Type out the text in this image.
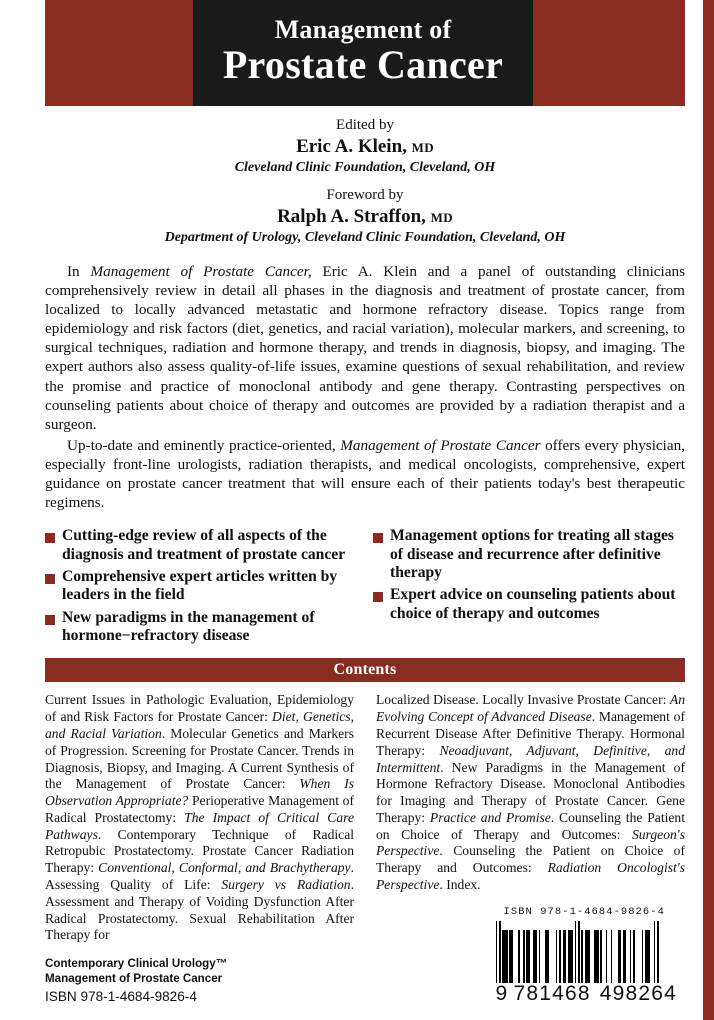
Management of
Prostate Cancer
Edited by
Eric A. Klein, MD
Cleveland Clinic Foundation, Cleveland, OH
Foreword by
Ralph A. Straffon, MD
Department of Urology, Cleveland Clinic Foundation, Cleveland, OH

In Management of Prostate Cancer, Eric A. Klein and a panel of outstanding clinicians comprehensively review in detail all phases in the diagnosis and treatment of prostate cancer, from localized to locally advanced metastatic and hormone refractory disease. Topics range from epidemiology and risk factors (diet, genetics, and racial variation), molecular markers, and screening, to surgical techniques, radiation and hormone therapy, and trends in diagnosis, biopsy, and imaging. The expert authors also assess quality-of-life issues, examine questions of sexual rehabilitation, and review the promise and practice of monoclonal antibody and gene therapy. Contrasting perspectives on counseling patients about choice of therapy and outcomes are provided by a radiation therapist and a surgeon.

Up-to-date and eminently practice-oriented, Management of Prostate Cancer offers every physician, especially front-line urologists, radiation therapists, and medical oncologists, comprehensive, expert guidance on prostate cancer treatment that will ensure each of their patients today's best therapeutic regimens.

Cutting-edge review of all aspects of the diagnosis and treatment of prostate cancer
Comprehensive expert articles written by leaders in the field
New paradigms in the management of hormone−refractory disease
Management options for treating all stages of disease and recurrence after definitive therapy
Expert advice on counseling patients about choice of therapy and outcomes
Contents
Current Issues in Pathologic Evaluation, Epidemiology of and Risk Factors for Prostate Cancer: Diet, Genetics, and Racial Variation. Molecular Genetics and Markers of Progression. Screening for Prostate Cancer. Trends in Diagnosis, Biopsy, and Imaging. A Current Synthesis of the Management of Prostate Cancer: When Is Observation Appropriate? Perioperative Management of Radical Prostatectomy: The Impact of Critical Care Pathways. Contemporary Technique of Radical Retropubic Prostatectomy. Prostate Cancer Radiation Therapy: Conventional, Conformal, and Brachytherapy. Assessing Quality of Life: Surgery vs Radiation. Assessment and Therapy of Voiding Dysfunction After Radical Prostatectomy. Sexual Rehabilitation After Therapy for
Localized Disease. Locally Invasive Prostate Cancer: An Evolving Concept of Advanced Disease. Management of Recurrent Disease After Definitive Therapy. Hormonal Therapy: Neoadjuvant, Adjuvant, Definitive, and Intermittent. New Paradigms in the Management of Hormone Refractory Disease. Monoclonal Antibodies for Imaging and Therapy of Prostate Cancer. Gene Therapy: Practice and Promise. Counseling the Patient on Choice of Therapy and Outcomes: Surgeon's Perspective. Counseling the Patient on Choice of Therapy and Outcomes: Radiation Oncologist's Perspective. Index.
Contemporary Clinical Urology™
Management of Prostate Cancer
ISBN 978-1-4684-9826-4
ISBN 978-1-4684-9826-4
9 781468 498264
